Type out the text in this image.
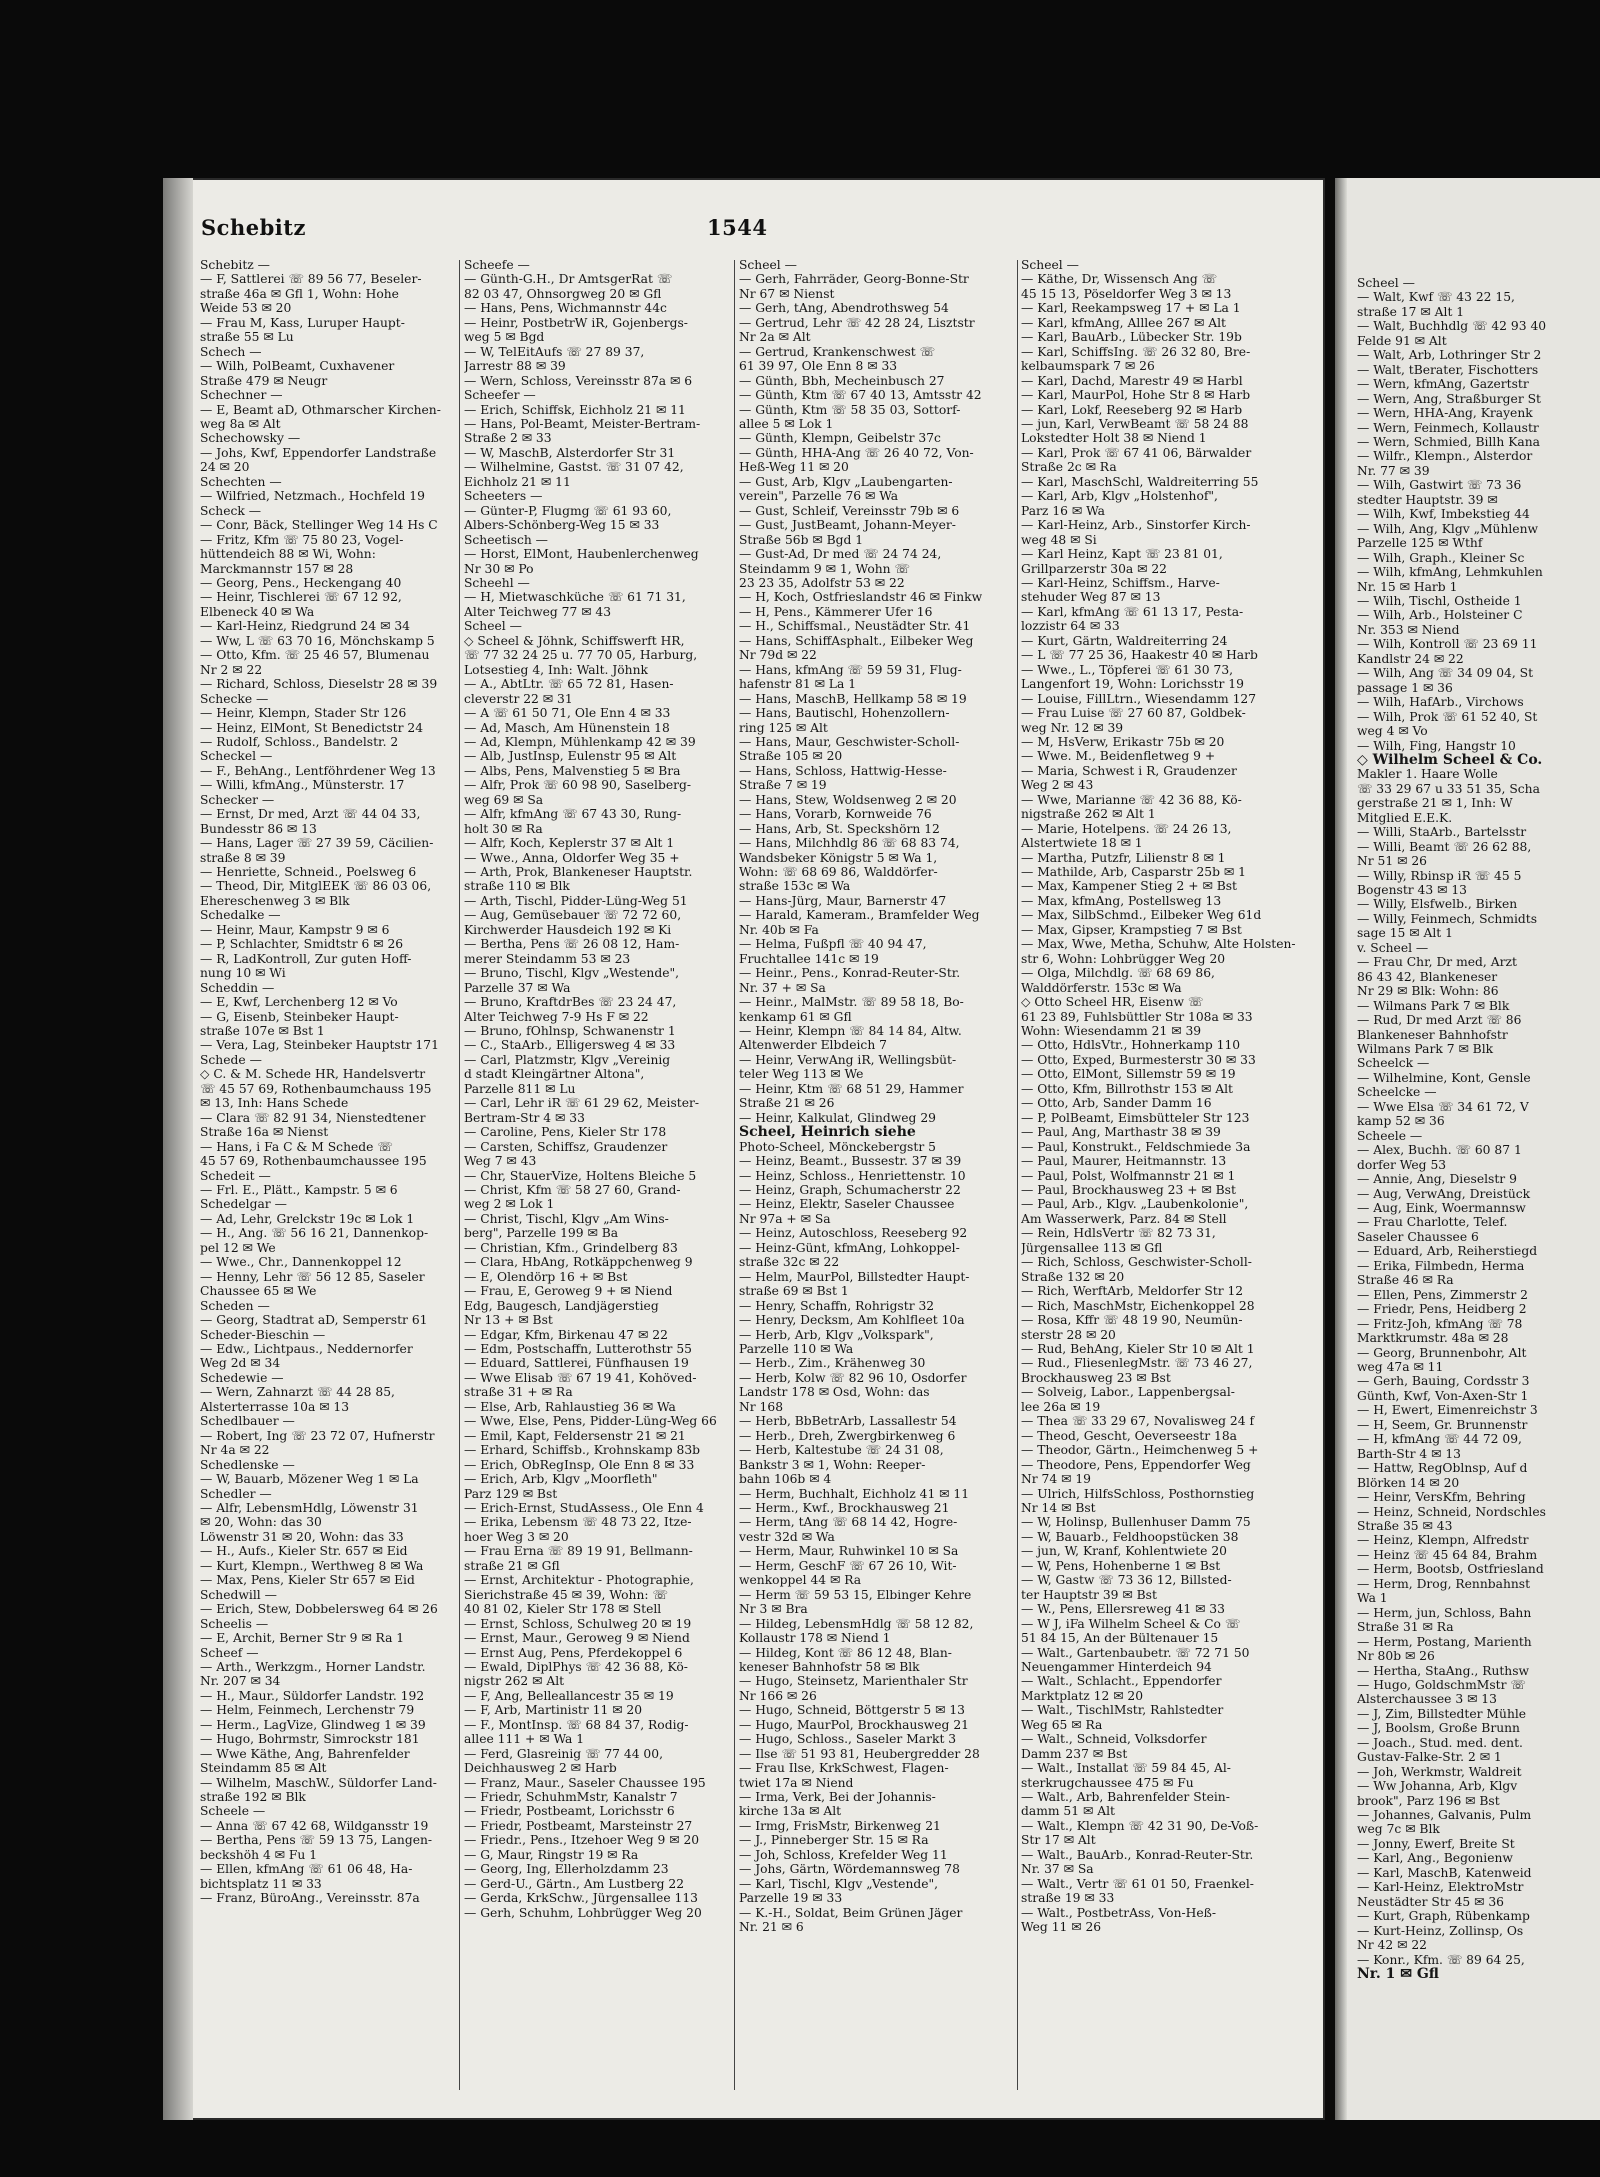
Schebitz	1544
Schebitz —
— F, Sattlerei ☏ 89 56 77, Beseler-
straße 46a ✉ Gfl 1, Wohn: Hohe
Weide 53 ✉ 20
— Frau M, Kass, Luruper Haupt-
straße 55 ✉ Lu
Schech —
— Wilh, PolBeamt, Cuxhavener
Straße 479 ✉ Neugr
Schechner —
— E, Beamt aD, Othmarscher Kirchen-
weg 8a ✉ Alt
Schechowsky —
— Johs, Kwf, Eppendorfer Landstraße
24 ✉ 20
Schechten —
— Wilfried, Netzmach., Hochfeld 19
Scheck —
— Conr, Bäck, Stellinger Weg 14 Hs C
— Fritz, Kfm ☏ 75 80 23, Vogel-
hüttendeich 88 ✉ Wi, Wohn:
Marckmannstr 157 ✉ 28
— Georg, Pens., Heckengang 40
— Heinr, Tischlerei ☏ 67 12 92,
Elbeneck 40 ✉ Wa
— Karl-Heinz, Riedgrund 24 ✉ 34
— Ww, L ☏ 63 70 16, Mönchskamp 5
— Otto, Kfm. ☏ 25 46 57, Blumenau
Nr 2 ✉ 22
— Richard, Schloss, Dieselstr 28 ✉ 39
Schecke —
— Heinr, Klempn, Stader Str 126
— Heinz, ElMont, St Benedictstr 24
— Rudolf, Schloss., Bandelstr. 2
Scheckel —
— F., BehAng., Lentföhrdener Weg 13
— Willi, kfmAng., Münsterstr. 17
Schecker —
— Ernst, Dr med, Arzt ☏ 44 04 33,
Bundesstr 86 ✉ 13
— Hans, Lager ☏ 27 39 59, Cäcilien-
straße 8 ✉ 39
— Henriette, Schneid., Poelsweg 6
— Theod, Dir, MitglEEK ☏ 86 03 06,
Ehereschenweg 3 ✉ Blk
Schedalke —
— Heinr, Maur, Kampstr 9 ✉ 6
— P, Schlachter, Smidtstr 6 ✉ 26
— R, LadKontroll, Zur guten Hoff-
nung 10 ✉ Wi
Scheddin —
— E, Kwf, Lerchenberg 12 ✉ Vo
— G, Eisenb, Steinbeker Haupt-
straße 107e ✉ Bst 1
— Vera, Lag, Steinbeker Hauptstr 171
Schede —
◇ C. & M. Schede HR, Handelsvertr
☏ 45 57 69, Rothenbaumchauss 195
✉ 13, Inh: Hans Schede
— Clara ☏ 82 91 34, Nienstedtener
Straße 16a ✉ Nienst
— Hans, i Fa C & M Schede ☏
45 57 69, Rothenbaumchaussee 195
Schedeit —
— Frl. E., Plätt., Kampstr. 5 ✉ 6
Schedelgar —
— Ad, Lehr, Grelckstr 19c ✉ Lok 1
— H., Ang. ☏ 56 16 21, Dannenkop-
pel 12 ✉ We
— Wwe., Chr., Dannenkoppel 12
— Henny, Lehr ☏ 56 12 85, Saseler
Chaussee 65 ✉ We
Scheden —
— Georg, Stadtrat aD, Semperstr 61
Scheder-Bieschin —
— Edw., Lichtpaus., Neddernorfer
Weg 2d ✉ 34
Schedewie —
— Wern, Zahnarzt ☏ 44 28 85,
Alsterterrasse 10a ✉ 13
Schedlbauer —
— Robert, Ing ☏ 23 72 07, Hufnerstr
Nr 4a ✉ 22
Schedlenske —
— W, Bauarb, Mözener Weg 1 ✉ La
Schedler —
— Alfr, LebensmHdlg, Löwenstr 31
✉ 20, Wohn: das 30
Löwenstr 31 ✉ 20, Wohn: das 33
— H., Aufs., Kieler Str. 657 ✉ Eid
— Kurt, Klempn., Werthweg 8 ✉ Wa
— Max, Pens, Kieler Str 657 ✉ Eid
Schedwill —
— Erich, Stew, Dobbelersweg 64 ✉ 26
Scheelis —
— E, Archit, Berner Str 9 ✉ Ra 1
Scheef —
— Arth., Werkzgm., Horner Landstr.
Nr. 207 ✉ 34
— H., Maur., Süldorfer Landstr. 192
— Helm, Feinmech, Lerchenstr 79
— Herm., LagVize, Glindweg 1 ✉ 39
— Hugo, Bohrmstr, Simrockstr 181
— Wwe Käthe, Ang, Bahrenfelder
Steindamm 85 ✉ Alt
— Wilhelm, MaschW., Süldorfer Land-
straße 192 ✉ Blk
Scheele —
— Anna ☏ 67 42 68, Wildgansstr 19
— Bertha, Pens ☏ 59 13 75, Langen-
beckshöh 4 ✉ Fu 1
— Ellen, kfmAng ☏ 61 06 48, Ha-
bichtsplatz 11 ✉ 33
— Franz, BüroAng., Vereinsstr. 87a
Scheefe —
— Günth-G.H., Dr AmtsgerRat ☏
82 03 47, Ohnsorgweg 20 ✉ Gfl
— Hans, Pens, Wichmannstr 44c
— Heinr, PostbetrW iR, Gojenbergs-
weg 5 ✉ Bgd
— W, TelEitAufs ☏ 27 89 37,
Jarrestr 88 ✉ 39
— Wern, Schloss, Vereinsstr 87a ✉ 6
Scheefer —
— Erich, Schiffsk, Eichholz 21 ✉ 11
— Hans, Pol-Beamt, Meister-Bertram-
Straße 2 ✉ 33
— W, MaschB, Alsterdorfer Str 31
— Wilhelmine, Gastst. ☏ 31 07 42,
Eichholz 21 ✉ 11
Scheeters —
— Günter-P, Flugmg ☏ 61 93 60,
Albers-Schönberg-Weg 15 ✉ 33
Scheetisch —
— Horst, ElMont, Haubenlerchenweg
Nr 30 ✉ Po
Scheehl —
— H, Mietwaschküche ☏ 61 71 31,
Alter Teichweg 77 ✉ 43
Scheel —
◇ Scheel & Jöhnk, Schiffswerft HR,
☏ 77 32 24 25 u. 77 70 05, Harburg,
Lotsestieg 4, Inh: Walt. Jöhnk
— A., AbtLtr. ☏ 65 72 81, Hasen-
cleverstr 22 ✉ 31
— A ☏ 61 50 71, Ole Enn 4 ✉ 33
— Ad, Masch, Am Hünenstein 18
— Ad, Klempn, Mühlenkamp 42 ✉ 39
— Alb, JustInsp, Eulenstr 95 ✉ Alt
— Albs, Pens, Malvenstieg 5 ✉ Bra
— Alfr, Prok ☏ 60 98 90, Saselberg-
weg 69 ✉ Sa
— Alfr, kfmAng ☏ 67 43 30, Rung-
holt 30 ✉ Ra
— Alfr, Koch, Keplerstr 37 ✉ Alt 1
— Wwe., Anna, Oldorfer Weg 35 +
— Arth, Prok, Blankeneser Hauptstr.
straße 110 ✉ Blk
— Arth, Tischl, Pidder-Lüng-Weg 51
— Aug, Gemüsebauer ☏ 72 72 60,
Kirchwerder Hausdeich 192 ✉ Ki
— Bertha, Pens ☏ 26 08 12, Ham-
merer Steindamm 53 ✉ 23
— Bruno, Tischl, Klgv „Westende",
Parzelle 37 ✉ Wa
— Bruno, KraftdrBes ☏ 23 24 47,
Alter Teichweg 7-9 Hs F ✉ 22
— Bruno, fOhlnsp, Schwanenstr 1
— C., StaArb., Elligersweg 4 ✉ 33
— Carl, Platzmstr, Klgv „Vereinig
d stadt Kleingärtner Altona",
Parzelle 811 ✉ Lu
— Carl, Lehr iR ☏ 61 29 62, Meister-
Bertram-Str 4 ✉ 33
— Caroline, Pens, Kieler Str 178
— Carsten, Schiffsz, Graudenzer
Weg 7 ✉ 43
— Chr, StauerVize, Holtens Bleiche 5
— Christ, Kfm ☏ 58 27 60, Grand-
weg 2 ✉ Lok 1
— Christ, Tischl, Klgv „Am Wins-
berg", Parzelle 199 ✉ Ba
— Christian, Kfm., Grindelberg 83
— Clara, HbAng, Rotkäppchenweg 9
— E, Olendörp 16 + ✉ Bst
— Frau, E, Geroweg 9 + ✉ Niend
Edg, Baugesch, Landjägerstieg
Nr 13 + ✉ Bst
— Edgar, Kfm, Birkenau 47 ✉ 22
— Edm, Postschaffn, Lutterothstr 55
— Eduard, Sattlerei, Fünfhausen 19
— Wwe Elisab ☏ 67 19 41, Kohöved-
straße 31 + ✉ Ra
— Else, Arb, Rahlaustieg 36 ✉ Wa
— Wwe, Else, Pens, Pidder-Lüng-Weg 66
— Emil, Kapt, Feldersenstr 21 ✉ 21
— Erhard, Schiffsb., Krohnskamp 83b
— Erich, ObRegInsp, Ole Enn 8 ✉ 33
— Erich, Arb, Klgv „Moorfleth"
Parz 129 ✉ Bst
— Erich-Ernst, StudAssess., Ole Enn 4
— Erika, Lebensm ☏ 48 73 22, Itze-
hoer Weg 3 ✉ 20
— Frau Erna ☏ 89 19 91, Bellmann-
straße 21 ✉ Gfl
— Ernst, Architektur - Photographie,
Sierichstraße 45 ✉ 39, Wohn: ☏
40 81 02, Kieler Str 178 ✉ Stell
— Ernst, Schloss, Schulweg 20 ✉ 19
— Ernst, Maur., Geroweg 9 ✉ Niend
— Ernst Aug, Pens, Pferdekoppel 6
— Ewald, DiplPhys ☏ 42 36 88, Kö-
nigstr 262 ✉ Alt
— F, Ang, Belleallancestr 35 ✉ 19
— F, Arb, Martinistr 11 ✉ 20
— F., MontInsp. ☏ 68 84 37, Rodig-
allee 111 + ✉ Wa 1
— Ferd, Glasreinig ☏ 77 44 00,
Deichhausweg 2 ✉ Harb
— Franz, Maur., Saseler Chaussee 195
— Friedr, SchuhmMstr, Kanalstr 7
— Friedr, Postbeamt, Lorichsstr 6
— Friedr, Postbeamt, Marsteinstr 27
— Friedr., Pens., Itzehoer Weg 9 ✉ 20
— G, Maur, Ringstr 19 ✉ Ra
— Georg, Ing, Ellerholzdamm 23
— Gerd-U., Gärtn., Am Lustberg 22
— Gerda, KrkSchw., Jürgensallee 113
— Gerh, Schuhm, Lohbrügger Weg 20
Scheel —
— Gerh, Fahrräder, Georg-Bonne-Str
Nr 67 ✉ Nienst
— Gerh, tAng, Abendrothsweg 54
— Gertrud, Lehr ☏ 42 28 24, Lisztstr
Nr 2a ✉ Alt
— Gertrud, Krankenschwest ☏
61 39 97, Ole Enn 8 ✉ 33
— Günth, Bbh, Mecheinbusch 27
— Günth, Ktm ☏ 67 40 13, Amtsstr 42
— Günth, Ktm ☏ 58 35 03, Sottorf-
allee 5 ✉ Lok 1
— Günth, Klempn, Geibelstr 37c
— Günth, HHA-Ang ☏ 26 40 72, Von-
Heß-Weg 11 ✉ 20
— Gust, Arb, Klgv „Laubengarten-
verein", Parzelle 76 ✉ Wa
— Gust, Schleif, Vereinsstr 79b ✉ 6
— Gust, JustBeamt, Johann-Meyer-
Straße 56b ✉ Bgd 1
— Gust-Ad, Dr med ☏ 24 74 24,
Steindamm 9 ✉ 1, Wohn ☏
23 23 35, Adolfstr 53 ✉ 22
— H, Koch, Ostfrieslandstr 46 ✉ Finkw
— H, Pens., Kämmerer Ufer 16
— H., Schiffsmal., Neustädter Str. 41
— Hans, SchiffAsphalt., Eilbeker Weg
Nr 79d ✉ 22
— Hans, kfmAng ☏ 59 59 31, Flug-
hafenstr 81 ✉ La 1
— Hans, MaschB, Hellkamp 58 ✉ 19
— Hans, Bautischl, Hohenzollern-
ring 125 ✉ Alt
— Hans, Maur, Geschwister-Scholl-
Straße 105 ✉ 20
— Hans, Schloss, Hattwig-Hesse-
Straße 7 ✉ 19
— Hans, Stew, Woldsenweg 2 ✉ 20
— Hans, Vorarb, Kornweide 76
— Hans, Arb, St. Speckshörn 12
— Hans, Milchhdlg 86 ☏ 68 83 74,
Wandsbeker Königstr 5 ✉ Wa 1,
Wohn: ☏ 68 69 86, Walddörfer-
straße 153c ✉ Wa
— Hans-Jürg, Maur, Barnerstr 47
— Harald, Kameram., Bramfelder Weg
Nr. 40b ✉ Fa
— Helma, Fußpfl ☏ 40 94 47,
Fruchtallee 141c ✉ 19
— Heinr., Pens., Konrad-Reuter-Str.
Nr. 37 + ✉ Sa
— Heinr., MalMstr. ☏ 89 58 18, Bo-
kenkamp 61 ✉ Gfl
— Heinr, Klempn ☏ 84 14 84, Altw.
Altenwerder Elbdeich 7
— Heinr, VerwAng iR, Wellingsbüt-
teler Weg 113 ✉ We
— Heinr, Ktm ☏ 68 51 29, Hammer
Straße 21 ✉ 26
— Heinr, Kalkulat, Glindweg 29
Scheel, Heinrich siehe
Photo-Scheel, Mönckebergstr 5
— Heinz, Beamt., Bussestr. 37 ✉ 39
— Heinz, Schloss., Henriettenstr. 10
— Heinz, Graph, Schumacherstr 22
— Heinz, Elektr, Saseler Chaussee
Nr 97a + ✉ Sa
— Heinz, Autoschloss, Reeseberg 92
— Heinz-Günt, kfmAng, Lohkoppel-
straße 32c ✉ 22
— Helm, MaurPol, Billstedter Haupt-
straße 69 ✉ Bst 1
— Henry, Schaffn, Rohrigstr 32
— Henry, Decksm, Am Kohlfleet 10a
— Herb, Arb, Klgv „Volkspark",
Parzelle 110 ✉ Wa
— Herb., Zim., Krähenweg 30
— Herb, Kolw ☏ 82 96 10, Osdorfer
Landstr 178 ✉ Osd, Wohn: das
Nr 168
— Herb, BbBetrArb, Lassallestr 54
— Herb., Dreh, Zwergbirkenweg 6
— Herb, Kaltestube ☏ 24 31 08,
Bankstr 3 ✉ 1, Wohn: Reeper-
bahn 106b ✉ 4
— Herm, Buchhalt, Eichholz 41 ✉ 11
— Herm., Kwf., Brockhausweg 21
— Herm, tAng ☏ 68 14 42, Hogre-
vestr 32d ✉ Wa
— Herm, Maur, Ruhwinkel 10 ✉ Sa
— Herm, GeschF ☏ 67 26 10, Wit-
wenkoppel 44 ✉ Ra
— Herm ☏ 59 53 15, Elbinger Kehre
Nr 3 ✉ Bra
— Hildeg, LebensmHdlg ☏ 58 12 82,
Kollaustr 178 ✉ Niend 1
— Hildeg, Kont ☏ 86 12 48, Blan-
keneser Bahnhofstr 58 ✉ Blk
— Hugo, Steinsetz, Marienthaler Str
Nr 166 ✉ 26
— Hugo, Schneid, Böttgerstr 5 ✉ 13
— Hugo, MaurPol, Brockhausweg 21
— Hugo, Schloss., Saseler Markt 3
— Ilse ☏ 51 93 81, Heubergredder 28
— Frau Ilse, KrkSchwest, Flagen-
twiet 17a ✉ Niend
— Irma, Verk, Bei der Johannis-
kirche 13a ✉ Alt
— Irmg, FrisMstr, Birkenweg 21
— J., Pinneberger Str. 15 ✉ Ra
— Joh, Schloss, Krefelder Weg 11
— Johs, Gärtn, Wördemannsweg 78
— Karl, Tischl, Klgv „Vestende",
Parzelle 19 ✉ 33
— K.-H., Soldat, Beim Grünen Jäger
Nr. 21 ✉ 6
Scheel —
— Käthe, Dr, Wissensch Ang ☏
45 15 13, Pöseldorfer Weg 3 ✉ 13
— Karl, Reekampsweg 17 + ✉ La 1
— Karl, kfmAng, Alllee 267 ✉ Alt
— Karl, BauArb., Lübecker Str. 19b
— Karl, SchiffsIng. ☏ 26 32 80, Bre-
kelbaumspark 7 ✉ 26
— Karl, Dachd, Marestr 49 ✉ Harbl
— Karl, MaurPol, Hohe Str 8 ✉ Harb
— Karl, Lokf, Reeseberg 92 ✉ Harb
— jun, Karl, VerwBeamt ☏ 58 24 88
Lokstedter Holt 38 ✉ Niend 1
— Karl, Prok ☏ 67 41 06, Bärwalder
Straße 2c ✉ Ra
— Karl, MaschSchl, Waldreiterring 55
— Karl, Arb, Klgv „Holstenhof",
Parz 16 ✉ Wa
— Karl-Heinz, Arb., Sinstorfer Kirch-
weg 48 ✉ Si
— Karl Heinz, Kapt ☏ 23 81 01,
Grillparzerstr 30a ✉ 22
— Karl-Heinz, Schiffsm., Harve-
stehuder Weg 87 ✉ 13
— Karl, kfmAng ☏ 61 13 17, Pesta-
lozzistr 64 ✉ 33
— Kurt, Gärtn, Waldreiterring 24
— L ☏ 77 25 36, Haakestr 40 ✉ Harb
— Wwe., L., Töpferei ☏ 61 30 73,
Langenfort 19, Wohn: Lorichsstr 19
— Louise, FillLtrn., Wiesendamm 127
— Frau Luise ☏ 27 60 87, Goldbek-
weg Nr. 12 ✉ 39
— M, HsVerw, Erikastr 75b ✉ 20
— Wwe. M., Beidenfletweg 9 +
— Maria, Schwest i R, Graudenzer
Weg 2 ✉ 43
— Wwe, Marianne ☏ 42 36 88, Kö-
nigstraße 262 ✉ Alt 1
— Marie, Hotelpens. ☏ 24 26 13,
Alstertwiete 18 ✉ 1
— Martha, Putzfr, Lilienstr 8 ✉ 1
— Mathilde, Arb, Casparstr 25b ✉ 1
— Max, Kampener Stieg 2 + ✉ Bst
— Max, kfmAng, Postellsweg 13
— Max, SilbSchmd., Eilbeker Weg 61d
— Max, Gipser, Krampstieg 7 ✉ Bst
— Max, Wwe, Metha, Schuhw, Alte Holsten-
str 6, Wohn: Lohbrügger Weg 20
— Olga, Milchdlg. ☏ 68 69 86,
Walddörferstr. 153c ✉ Wa
◇ Otto Scheel HR, Eisenw ☏
61 23 89, Fuhlsbüttler Str 108a ✉ 33
Wohn: Wiesendamm 21 ✉ 39
— Otto, HdlsVtr., Hohnerkamp 110
— Otto, Exped, Burmesterstr 30 ✉ 33
— Otto, ElMont, Sillemstr 59 ✉ 19
— Otto, Kfm, Billrothstr 153 ✉ Alt
— Otto, Arb, Sander Damm 16
— P, PolBeamt, Eimsbütteler Str 123
— Paul, Ang, Marthastr 38 ✉ 39
— Paul, Konstrukt., Feldschmiede 3a
— Paul, Maurer, Heitmannstr. 13
— Paul, Polst, Wolfmannstr 21 ✉ 1
— Paul, Brockhausweg 23 + ✉ Bst
— Paul, Arb., Klgv. „Laubenkolonie",
Am Wasserwerk, Parz. 84 ✉ Stell
— Rein, HdlsVertr ☏ 82 73 31,
Jürgensallee 113 ✉ Gfl
— Rich, Schloss, Geschwister-Scholl-
Straße 132 ✉ 20
— Rich, WerftArb, Meldorfer Str 12
— Rich, MaschMstr, Eichenkoppel 28
— Rosa, Kffr ☏ 48 19 90, Neumün-
sterstr 28 ✉ 20
— Rud, BehAng, Kieler Str 10 ✉ Alt 1
— Rud., FliesenlegMstr. ☏ 73 46 27,
Brockhausweg 23 ✉ Bst
— Solveig, Labor., Lappenbergsal-
lee 26a ✉ 19
— Thea ☏ 33 29 67, Novalisweg 24 f
— Theod, Gescht, Oeverseestr 18a
— Theodor, Gärtn., Heimchenweg 5 +
— Theodore, Pens, Eppendorfer Weg
Nr 74 ✉ 19
— Ulrich, HilfsSchloss, Posthornstieg
Nr 14 ✉ Bst
— W, Holinsp, Bullenhuser Damm 75
— W, Bauarb., Feldhoopstücken 38
— jun, W, Kranf, Kohlentwiete 20
— W, Pens, Hohenberne 1 ✉ Bst
— W, Gastw ☏ 73 36 12, Billsted-
ter Hauptstr 39 ✉ Bst
— W., Pens, Ellersreweg 41 ✉ 33
— W J, iFa Wilhelm Scheel & Co ☏
51 84 15, An der Bültenauer 15
— Walt., Gartenbaubetr. ☏ 72 71 50
Neuengammer Hinterdeich 94
— Walt., Schlacht., Eppendorfer
Marktplatz 12 ✉ 20
— Walt., TischlMstr, Rahlstedter
Weg 65 ✉ Ra
— Walt., Schneid, Volksdorfer
Damm 237 ✉ Bst
— Walt., Installat ☏ 59 84 45, Al-
sterkrugchaussee 475 ✉ Fu
— Walt., Arb, Bahrenfelder Stein-
damm 51 ✉ Alt
— Walt., Klempn ☏ 42 31 90, De-Voß-
Str 17 ✉ Alt
— Walt., BauArb., Konrad-Reuter-Str.
Nr. 37 ✉ Sa
— Walt., Vertr ☏ 61 01 50, Fraenkel-
straße 19 ✉ 33
— Walt., PostbetrAss, Von-Heß-
Weg 11 ✉ 26
Scheel —
— Walt, Kwf ☏ 43 22 15,
straße 17 ✉ Alt 1
— Walt, Buchhdlg ☏ 42 93 40
Felde 91 ✉ Alt
— Walt, Arb, Lothringer Str 2
— Walt, tBerater, Fischotters
— Wern, kfmAng, Gazertstr
— Wern, Ang, Straßburger St
— Wern, HHA-Ang, Krayenk
— Wern, Feinmech, Kollaustr
— Wern, Schmied, Billh Kana
— Wilfr., Klempn., Alsterdor
Nr. 77 ✉ 39
— Wilh, Gastwirt ☏ 73 36
stedter Hauptstr. 39 ✉
— Wilh, Kwf, Imbekstieg 44
— Wilh, Ang, Klgv „Mühlenw
Parzelle 125 ✉ Wthf
— Wilh, Graph., Kleiner Sc
— Wilh, kfmAng, Lehmkuhlen
Nr. 15 ✉ Harb 1
— Wilh, Tischl, Ostheide 1
— Wilh, Arb., Holsteiner C
Nr. 353 ✉ Niend
— Wilh, Kontroll ☏ 23 69 11
Kandlstr 24 ✉ 22
— Wilh, Ang ☏ 34 09 04, St
passage 1 ✉ 36
— Wilh, HafArb., Virchows
— Wilh, Prok ☏ 61 52 40, St
weg 4 ✉ Vo
— Wilh, Fing, Hangstr 10
◇ Wilhelm Scheel & Co.
Makler 1. Haare Wolle
☏ 33 29 67 u 33 51 35, Scha
gerstraße 21 ✉ 1, Inh: W
Mitglied E.E.K.
— Willi, StaArb., Bartelsstr
— Willi, Beamt ☏ 26 62 88,
Nr 51 ✉ 26
— Willy, Rbinsp iR ☏ 45 5
Bogenstr 43 ✉ 13
— Willy, Elsfwelb., Birken
— Willy, Feinmech, Schmidts
sage 15 ✉ Alt 1
v. Scheel —
— Frau Chr, Dr med, Arzt
86 43 42, Blankeneser
Nr 29 ✉ Blk: Wohn: 86
— Wilmans Park 7 ✉ Blk
— Rud, Dr med Arzt ☏ 86
Blankeneser Bahnhofstr
Wilmans Park 7 ✉ Blk
Scheelck —
— Wilhelmine, Kont, Gensle
Scheelcke —
— Wwe Elsa ☏ 34 61 72, V
kamp 52 ✉ 36
Scheele —
— Alex, Buchh. ☏ 60 87 1
dorfer Weg 53
— Annie, Ang, Dieselstr 9
— Aug, VerwAng, Dreistück
— Aug, Eink, Woermannsw
— Frau Charlotte, Telef.
Saseler Chaussee 6
— Eduard, Arb, Reiherstiegd
— Erika, Filmbedn, Herma
Straße 46 ✉ Ra
— Ellen, Pens, Zimmerstr 2
— Friedr, Pens, Heidberg 2
— Fritz-Joh, kfmAng ☏ 78
Marktkrumstr. 48a ✉ 28
— Georg, Brunnenbohr, Alt
weg 47a ✉ 11
— Gerh, Bauing, Cordsstr 3
Günth, Kwf, Von-Axen-Str 1
— H, Ewert, Eimenreichstr 3
— H, Seem, Gr. Brunnenstr
— H, kfmAng ☏ 44 72 09,
Barth-Str 4 ✉ 13
— Hattw, RegOblnsp, Auf d
Blörken 14 ✉ 20
— Heinr, VersKfm, Behring
— Heinz, Schneid, Nordschles
Straße 35 ✉ 43
— Heinz, Klempn, Alfredstr
— Heinz ☏ 45 64 84, Brahm
— Herm, Bootsb, Ostfriesland
— Herm, Drog, Rennbahnst
Wa 1
— Herm, jun, Schloss, Bahn
Straße 31 ✉ Ra
— Herm, Postang, Marienth
Nr 80b ✉ 26
— Hertha, StaAng., Ruthsw
— Hugo, GoldschmMstr ☏
Alsterchaussee 3 ✉ 13
— J, Zim, Billstedter Mühle
— J, Boolsm, Große Brunn
— Joach., Stud. med. dent.
Gustav-Falke-Str. 2 ✉ 1
— Joh, Werkmstr, Waldreit
— Ww Johanna, Arb, Klgv
brook", Parz 196 ✉ Bst
— Johannes, Galvanis, Pulm
weg 7c ✉ Blk
— Jonny, Ewerf, Breite St
— Karl, Ang., Begonienw
— Karl, MaschB, Katenweid
— Karl-Heinz, ElektroMstr
Neustädter Str 45 ✉ 36
— Kurt, Graph, Rübenkamp
— Kurt-Heinz, Zollinsp, Os
Nr 42 ✉ 22
— Konr., Kfm. ☏ 89 64 25,
Nr. 1 ✉ Gfl
